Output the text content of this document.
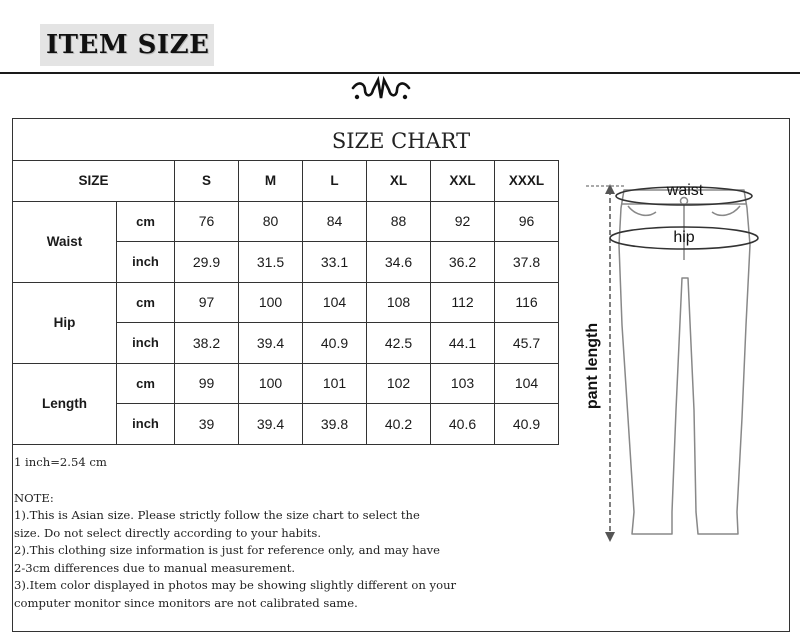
ITEM SIZE
SIZE CHART
SIZE		S	M	L	XL	XXL	XXXL
Waist	cm	76	80	84	88	92	96
	inch	29.9	31.5	33.1	34.6	36.2	37.8
Hip	cm	97	100	104	108	112	116
	inch	38.2	39.4	40.9	42.5	44.1	45.7
Length	cm	99	100	101	102	103	104
	inch	39	39.4	39.8	40.2	40.6	40.9
1 inch=2.54 cm
NOTE:
1).This is Asian size. Please strictly follow the size chart to select the
size. Do not select directly according to your habits.
2).This clothing size information is just for reference only, and may have
2-3cm differences due to manual measurement.
3).Item color displayed in photos may be showing slightly different on your
computer monitor since monitors are not calibrated same.
waist
hip
pant length
